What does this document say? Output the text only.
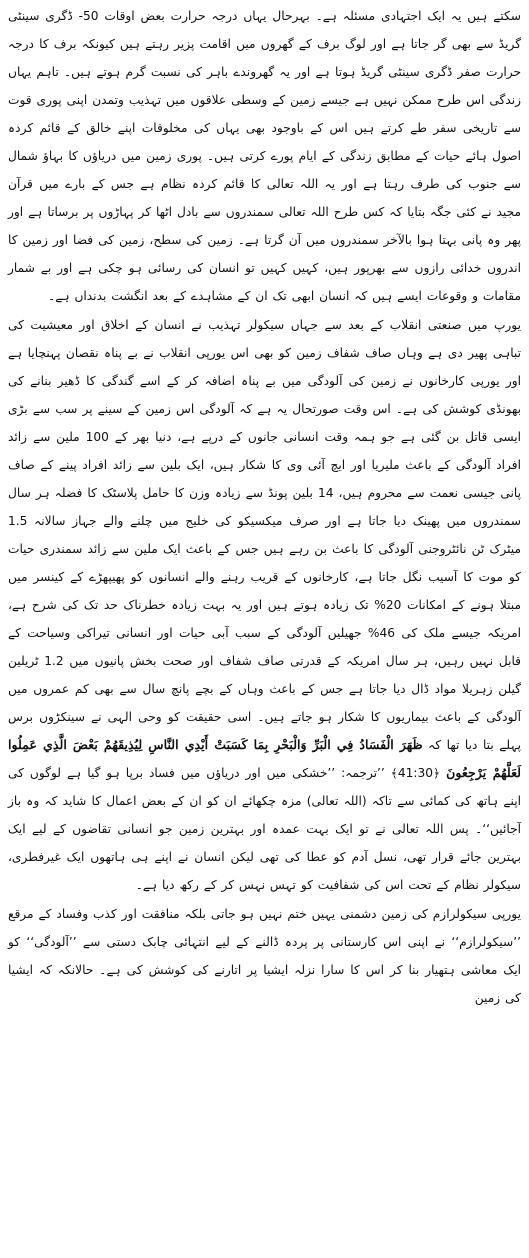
سکتے ہیں یہ ایک اجتہادی مسئلہ ہے۔ بہرحال یہاں درجہ حرارت بعض اوقات 50- ڈگری سینٹی گریڈ سے بھی گر جاتا ہے اور لوگ برف کے گھروں میں اقامت پزیر رہتے ہیں کیونکہ برف کا درجہ حرارت صفر ڈگری سینٹی گریڈ ہوتا ہے اور یہ گھروندے باہر کی نسبت گرم ہوتے ہیں۔ تاہم یہاں زندگی اس طرح ممکن نہیں ہے جیسے زمین کے وسطی علاقوں میں تہذیب وتمدن اپنی پوری قوت سے تاریخی سفر طے کرتے ہیں اس کے باوجود بھی یہاں کی مخلوقات اپنے خالق کے قائم کردہ اصول ہائے حیات کے مطابق زندگی کے ایام پورے کرتی ہیں۔ پوری زمین میں دریاؤں کا بہاؤ شمال سے جنوب کی طرف رہتا ہے اور یہ اللہ تعالی کا قائم کردہ نظام ہے جس کے بارے میں قرآن مجید نے کئی جگہ بتایا کہ کس طرح اللہ تعالی سمندروں سے بادل اٹھا کر پہاڑوں پر برساتا ہے اور پھر وہ پانی بہتا ہوا بالآخر سمندروں میں آن گرتا ہے۔ زمین کی سطح، زمین کی فضا اور زمین کا اندروں خدائی رازوں سے بھرپور ہیں، کہیں کہیں تو انسان کی رسائی ہو چکی ہے اور بے شمار مقامات و وقوعات ایسے ہیں کہ انسان ابھی تک ان کے مشاہدے کے بعد انگشت بدنداں ہے۔

یورپ میں صنعتی انقلاب کے بعد سے جہاں سیکولر تہذیب نے انسان کے اخلاق اور معیشیت کی تباہی پھیر دی ہے وہاں صاف شفاف زمین کو بھی اس یورپی انقلاب نے بے پناہ نقصان پہنچایا ہے اور یورپی کارخانوں نے زمین کی آلودگی میں بے پناہ اضافہ کر کے اسے گندگی کا ڈھیر بنانے کی بھونڈی کوشش کی ہے۔ اس وقت صورتحال یہ ہے کہ آلودگی اس زمین کے سینے پر سب سے بڑی ایسی قاتل بن گئی ہے جو ہمہ وقت انسانی جانوں کے درپے ہے، دنیا بھر کے 100 ملین سے زائد افراد آلودگی کے باعث ملیریا اور ایچ آئی وی کا شکار ہیں، ایک بلین سے زائد افراد پینے کے صاف پانی جیسی نعمت سے محروم ہیں، 14 بلین پونڈ سے زیادہ وزن کا حامل پلاسٹک کا فضلہ ہر سال سمندروں میں پھینک دیا جاتا ہے اور صرف میکسیکو کی خلیج میں چلنے والے جہاز سالانہ 1.5 میٹرک ٹن نائٹروجنی آلودگی کا باعث بن رہے ہیں جس کے باعث ایک ملین سے زائد سمندری حیات کو موت کا آسیب نگل جاتا ہے، کارخانوں کے قریب رہنے والے انسانوں کو پھیپھڑے کے کینسر میں مبتلا ہونے کے امکانات 20% تک زیادہ ہوتے ہیں اور یہ بہت زیادہ خطرناک حد تک کی شرح ہے، امریکہ جیسے ملک کی 46% جھیلیں آلودگی کے سبب آبی حیات اور انسانی تیراکی وسیاحت کے قابل نہیں رہیں، ہر سال امریکہ کے قدرتی صاف شفاف اور صحت بخش پانیوں میں 1.2 ٹریلین گیلن زہریلا مواد ڈال دیا جاتا ہے جس کے باعث وہاں کے بچے پانچ سال سے بھی کم عمروں میں آلودگی کے باعث بیماریوں کا شکار ہو جاتے ہیں۔ اسی حقیقت کو وحی الہی نے سینکڑوں برس پہلے بتا دیا تھا کہ ظَهَرَ الْفَسَادُ فِي الْبَرِّ وَالْبَحْرِ بِمَا كَسَبَتْ أَيْدِي النَّاسِ لِيُذِيقَهُمْ بَعْضَ الَّذِي عَمِلُوا لَعَلَّهُمْ يَرْجِعُونَ ﴿41:30﴾ ’’ترجمہ: ’’خشکی میں اور دریاؤں میں فساد برپا ہو گیا ہے لوگوں کی اپنے ہاتھ کی کمائی سے تاکہ (اللہ تعالی) مزہ چکھائے ان کو ان کے بعض اعمال کا شاید کہ وہ باز آجائیں‘‘۔ پس اللہ تعالی نے تو ایک بہت عمدہ اور بہترین زمین جو انسانی تقاضوں کے لیے ایک بہترین جائے قرار تھی، نسل آدم کو عطا کی تھی لیکن انسان نے اپنے ہی ہاتھوں ایک غیرفطری، سیکولر نظام کے تحت اس کی شفافیت کو تہس نہس کر کے رکھ دیا ہے۔

یورپی سیکولرازم کی زمین دشمنی یہیں ختم نہیں ہو جاتی بلکہ منافقت اور کذب وفساد کے مرقع ’’سیکولرازم‘‘ نے اپنی اس کارستانی پر پردہ ڈالنے کے لیے انتہائی چابک دستی سے ’’آلودگی‘‘ کو ایک معاشی ہتھیار بنا کر اس کا سارا نزلہ ایشیا پر اتارنے کی کوشش کی ہے۔ حالانکہ کہ ایشیا کی زمین
